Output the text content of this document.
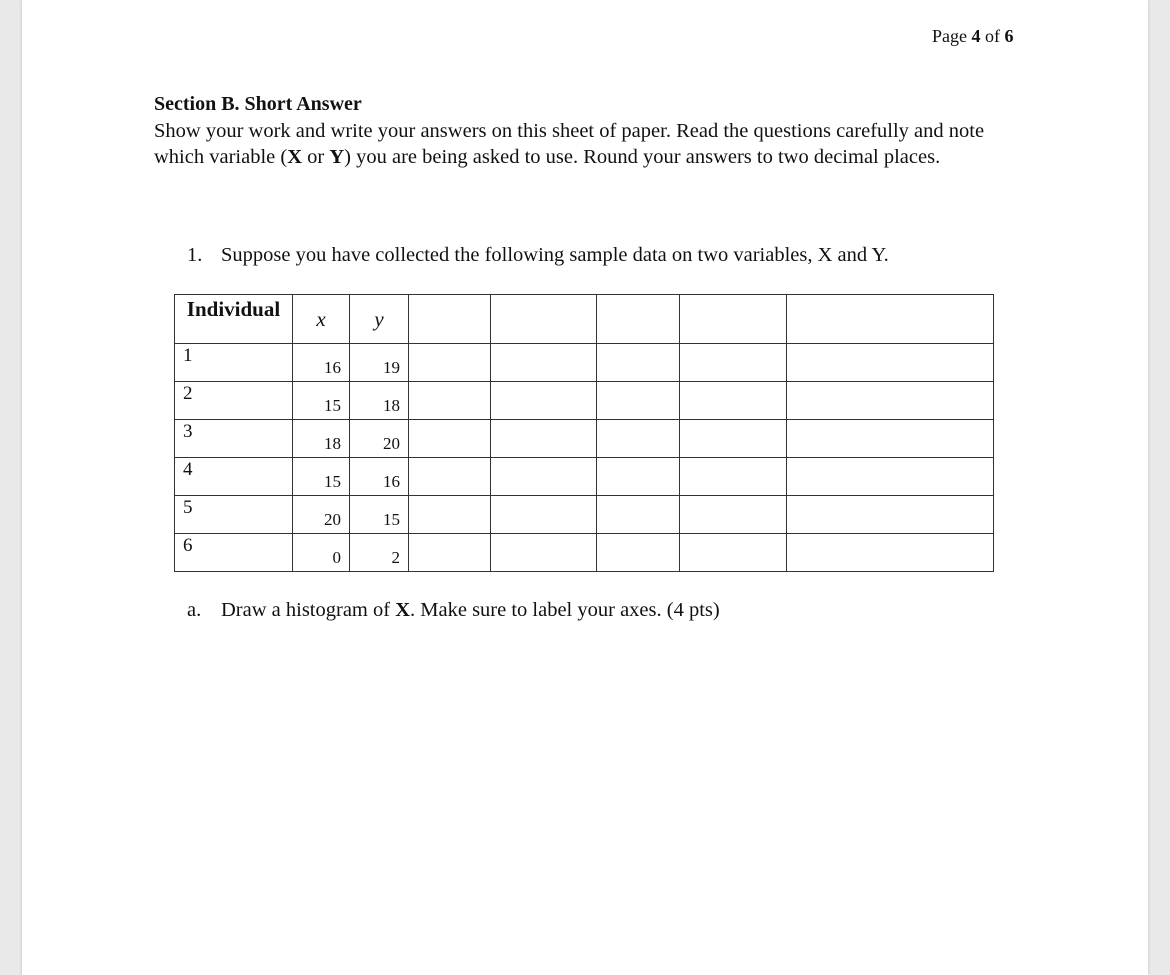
Page 4 of 6
Section B. Short Answer
Show your work and write your answers on this sheet of paper. Read the questions carefully and note which variable (X or Y) you are being asked to use. Round your answers to two decimal places.
1. Suppose you have collected the following sample data on two variables, X and Y.
Individual	x	y					

1	16	19					

2	15	18					

3	18	20					

4	15	16					

5	20	15					

6	0	2					

a. Draw a histogram of X. Make sure to label your axes. (4 pts)
